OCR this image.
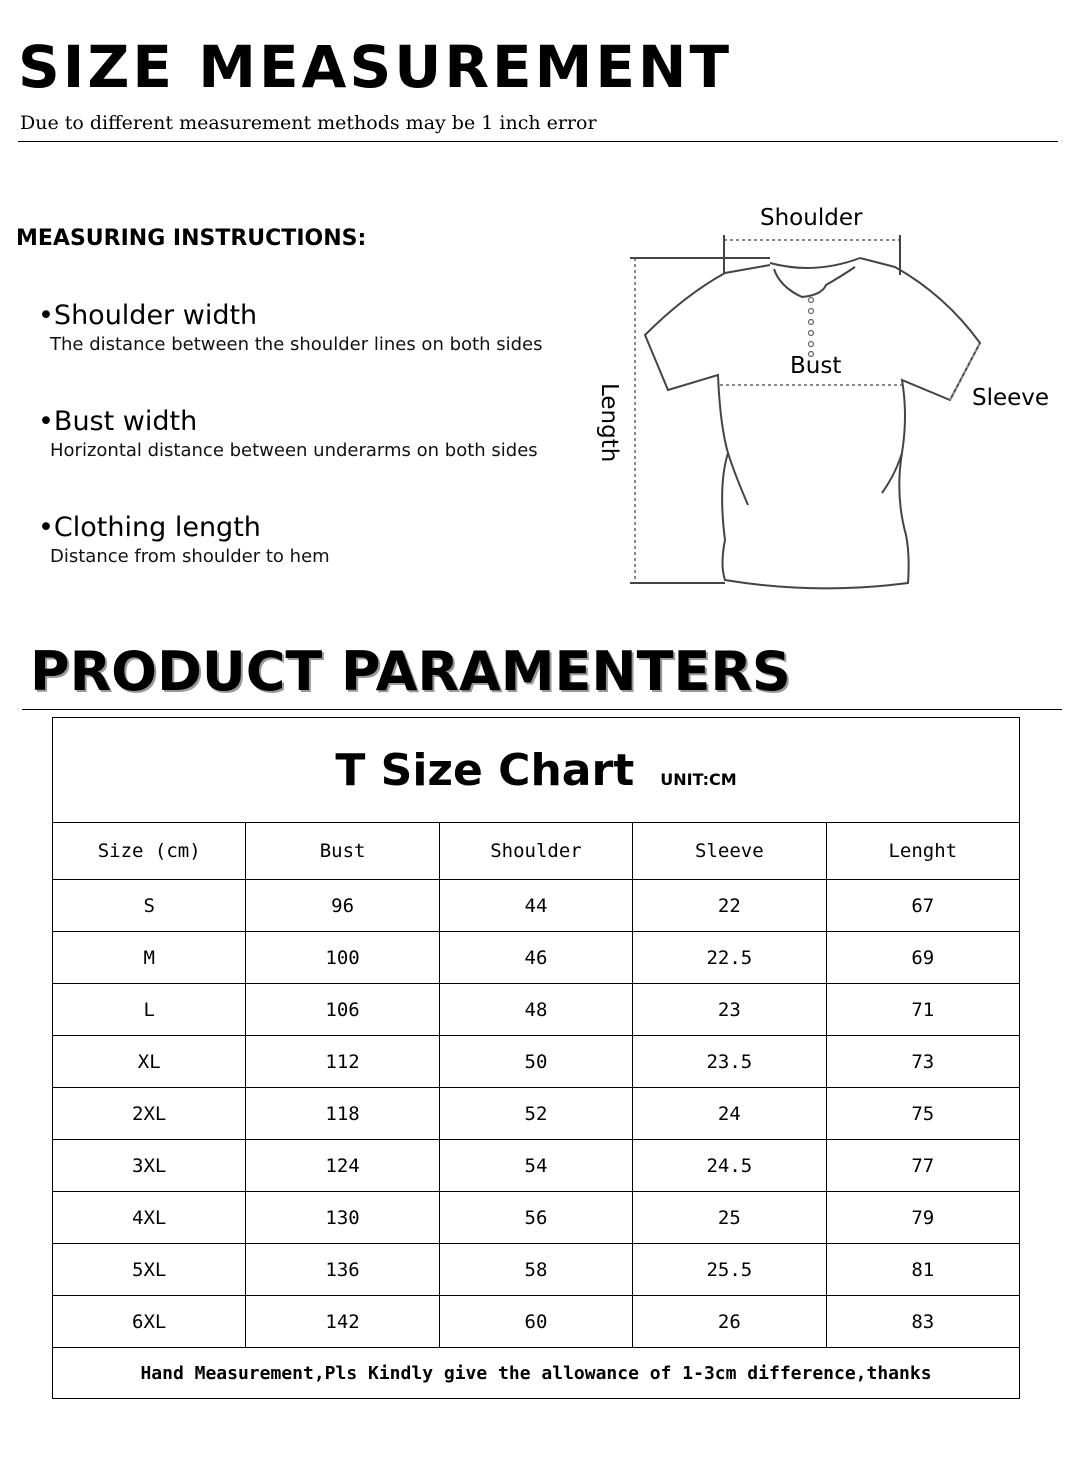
SIZE MEASUREMENT
Due to different measurement methods may be 1 inch error
MEASURING INSTRUCTIONS:
•Shoulder width
The distance between the shoulder lines on both sides
•Bust width
Horizontal distance between underarms on both sides
•Clothing length
Distance from shoulder to hem
Shoulder
Bust
Sleeve
Length
PRODUCT PARAMENTERS
T Size Chart UNIT:CM				
Size (cm)	Bust	Shoulder	Sleeve	Lenght
S	96	44	22	67
M	100	46	22.5	69
L	106	48	23	71
XL	112	50	23.5	73
2XL	118	52	24	75
3XL	124	54	24.5	77
4XL	130	56	25	79
5XL	136	58	25.5	81
6XL	142	60	26	83
Hand Measurement,Pls Kindly give the allowance of 1-3cm difference,thanks				
